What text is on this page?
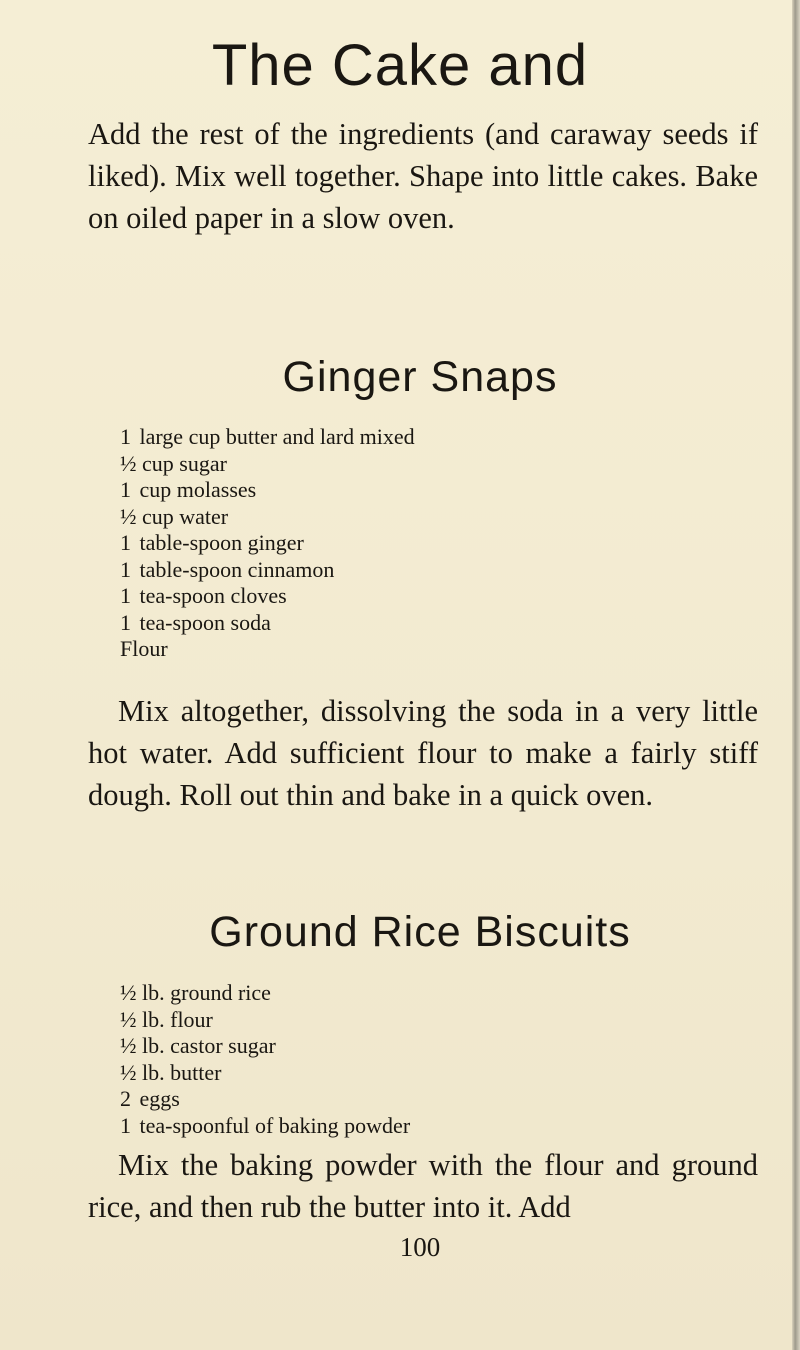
The Cake and

Add the rest of the ingredients (and caraway seeds if liked). Mix well together. Shape into little cakes. Bake on oiled paper in a slow oven.

Ginger Snaps
1 large cup butter and lard mixed
½ cup sugar
1 cup molasses
½ cup water
1 table-spoon ginger
1 table-spoon cinnamon
1 tea-spoon cloves
1 tea-spoon soda
Flour

Mix altogether, dissolving the soda in a very little hot water. Add sufficient flour to make a fairly stiff dough. Roll out thin and bake in a quick oven.

Ground Rice Biscuits
½ lb. ground rice
½ lb. flour
½ lb. castor sugar
½ lb. butter
2 eggs
1 tea-spoonful of baking powder

Mix the baking powder with the flour and ground rice, and then rub the butter into it. Add

100
